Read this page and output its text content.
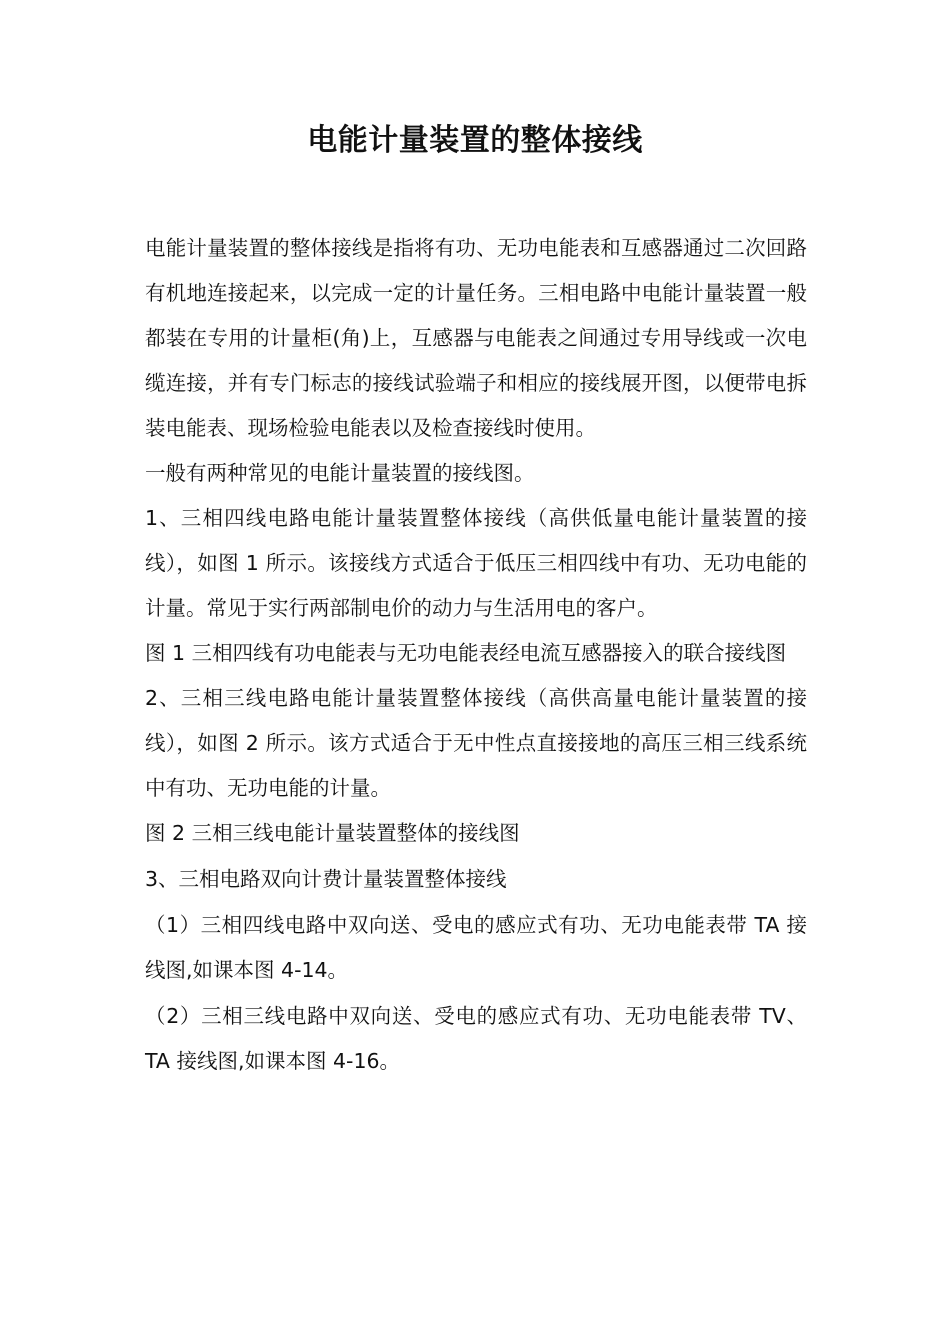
电能计量装置的整体接线

电能计量装置的整体接线是指将有功、无功电能表和互感器通过二次回路有机地连接起来，以完成一定的计量任务。三相电路中电能计量装置一般都装在专用的计量柜(角)上，互感器与电能表之间通过专用导线或一次电缆连接，并有专门标志的接线试验端子和相应的接线展开图，以便带电拆装电能表、现场检验电能表以及检查接线时使用。

一般有两种常见的电能计量装置的接线图。

1、三相四线电路电能计量装置整体接线（高供低量电能计量装置的接线），如图 1 所示。该接线方式适合于低压三相四线中有功、无功电能的计量。常见于实行两部制电价的动力与生活用电的客户。

图 1 三相四线有功电能表与无功电能表经电流互感器接入的联合接线图

2、三相三线电路电能计量装置整体接线（高供高量电能计量装置的接线），如图 2 所示。该方式适合于无中性点直接接地的高压三相三线系统中有功、无功电能的计量。

图 2 三相三线电能计量装置整体的接线图

3、三相电路双向计费计量装置整体接线

（1）三相四线电路中双向送、受电的感应式有功、无功电能表带 TA 接线图,如课本图 4-14。

（2）三相三线电路中双向送、受电的感应式有功、无功电能表带 TV、TA 接线图,如课本图 4-16。
